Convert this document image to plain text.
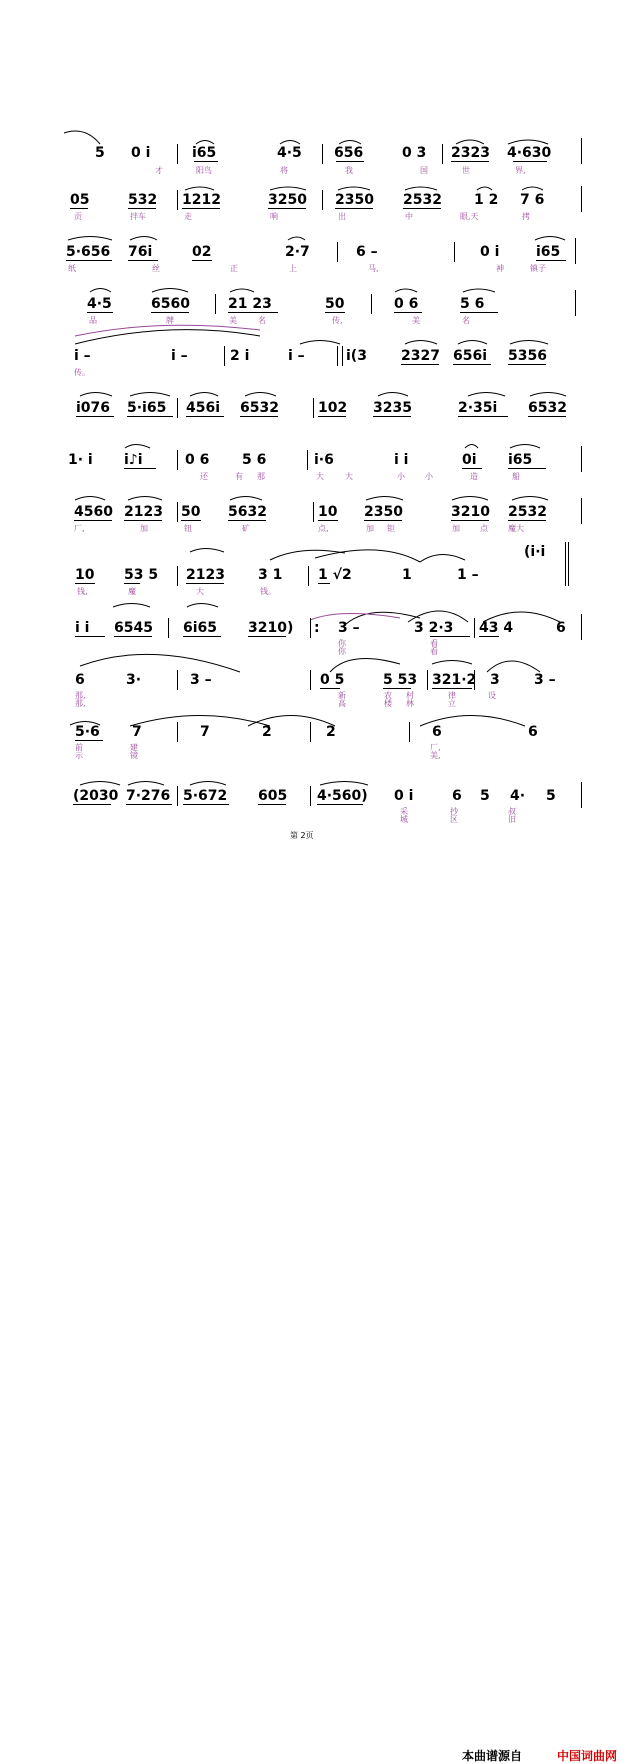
5 0 i	i65	4·5 656	0 3 2323 4·630
才	阳鸟	将	我	国	世	界,
05	532 1212	3250 2350 2532 1 2 7 6
贡	拌车	走	响	出	中	眼,天	拷
5·656 76i	02	2·7	6 –	0 i	i65
纸	丝	正	上	马,	神	镇子
4·5	6560	21 23	50	0 6	5 6
品	牌	美	名	传,	美	名
i –	i –	2 i	i –	i(3 2327 656i 5356
传。
i076 5·i65 456i 6532	102 3235	2·35i 6532
1· i i♪i	0 6 5 6	i·6	i i	0i i65
还	有 那	大	大	小	小	造	船
4560 2123 50 5632	10 2350	3210 2532
厂,	加	钮	矿	点,	加 钜	加	点	魔大
(i·i
10 53 5 2123 3 1	1 √2	1	1 –
钱,	魔	大	钱。
i i 6545 6i65 3210)	3 –	3 2·3 43 4	6
:
你
你
看
看
6	3·	3 –	0 5	5 53 321·2 3 3 –
那,
那,
新
高
农
楼
村
林
律
立
设
5·6 7	7	2	2	6	6
前
示
建
镜
厂,
美,
(2030 7·276 5·672 605 4·560) 0 i	6 5 4· 5
采
城
抄
区
叔
旧
第 2页
本曲谱源自	中国词曲网
